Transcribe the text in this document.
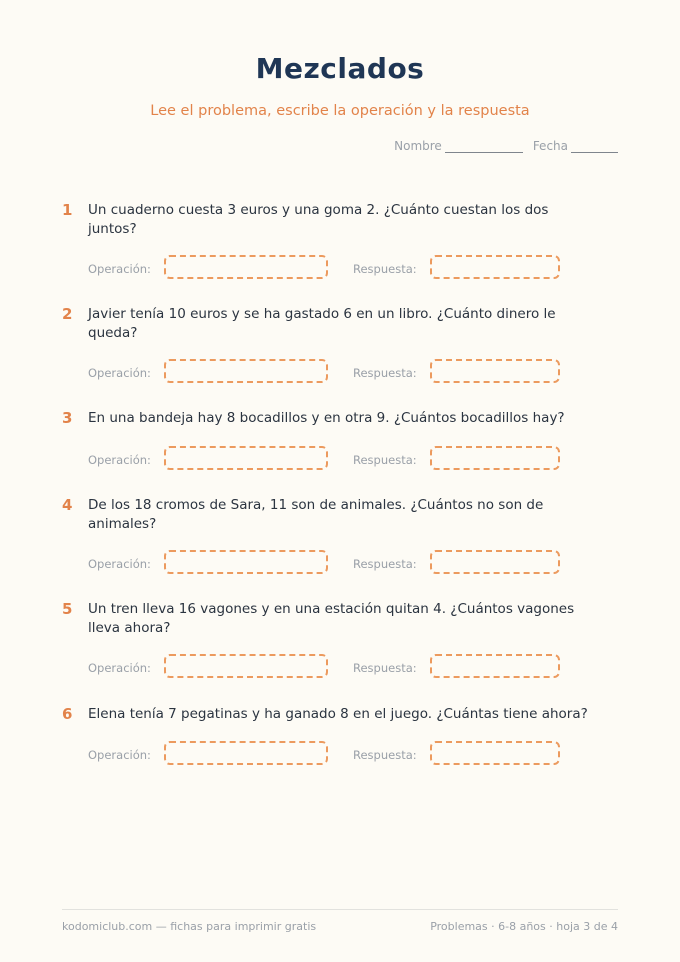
Mezclados
Lee el problema, escribe la operación y la respuesta
Nombre	Fecha
1 Un cuaderno cuesta 3 euros y una goma 2. ¿Cuánto cuestan los dos juntos?
Operación:	Respuesta:
2 Javier tenía 10 euros y se ha gastado 6 en un libro. ¿Cuánto dinero le queda?
Operación:	Respuesta:
3 En una bandeja hay 8 bocadillos y en otra 9. ¿Cuántos bocadillos hay?
Operación:	Respuesta:
4 De los 18 cromos de Sara, 11 son de animales. ¿Cuántos no son de animales?
Operación:	Respuesta:
5 Un tren lleva 16 vagones y en una estación quitan 4. ¿Cuántos vagones lleva ahora?
Operación:	Respuesta:
6 Elena tenía 7 pegatinas y ha ganado 8 en el juego. ¿Cuántas tiene ahora?
Operación:	Respuesta:
kodomiclub.com — fichas para imprimir gratis	Problemas · 6-8 años · hoja 3 de 4
